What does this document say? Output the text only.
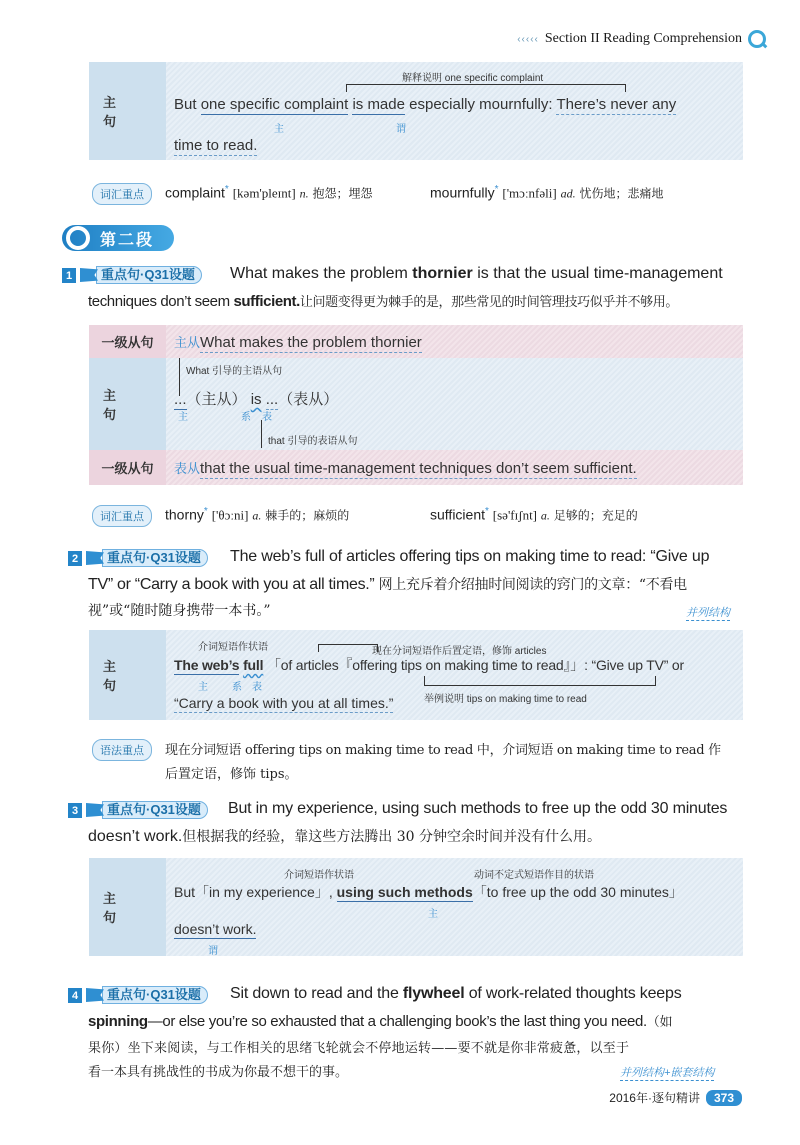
‹‹‹‹‹ Section II Reading Comprehension
主 句
解释说明 one specific complaint
But one specific complaint is made especially mournfully: There’s never any
主	谓
time to read.
词汇重点	complaint* [kəm'pleɪnt] n. 抱怨；埋怨	mournfully* ['mɔːnfəli] ad. 忧伤地；悲痛地
第二段
1	重点句·Q31设题	What makes the problem thornier is that the usual time-management
techniques don’t seem sufficient.让问题变得更为棘手的是，那些常见的时间管理技巧似乎并不够用。
一级从句	主从What makes the problem thornier
主 句
What 引导的主语从句
...（主从） is ...（表从）
主	系 表
that 引导的表语从句
一级从句	表从that the usual time-management techniques don’t seem sufficient.
词汇重点	thorny* ['θɔːni] a. 棘手的；麻烦的	sufficient* [sə'fɪʃnt] a. 足够的；充足的
2	重点句·Q31设题	The web’s full of articles offering tips on making time to read: “Give up
TV” or “Carry a book with you at all times.” 网上充斥着介绍抽时间阅读的窍门的文章：“不看电
视”或“随时随身携带一本书。”	并列结构
主 句
介词短语作状语	现在分词短语作后置定语，修饰 articles
The web’s full 「of articles『offering tips on making time to read』」: “Give up TV” or
主 系 表
“Carry a book with you at all times.”	举例说明 tips on making time to read
语法重点	现在分词短语 offering tips on making time to read 中，介词短语 on making time to read 作
后置定语，修饰 tips。
3	重点句·Q31设题	But in my experience, using such methods to free up the odd 30 minutes
doesn’t work.但根据我的经验，靠这些方法腾出 30 分钟空余时间并没有什么用。
主 句
介词短语作状语	动词不定式短语作目的状语
But「in my experience」, using such methods「to free up the odd 30 minutes」
主
doesn’t work.
谓
4	重点句·Q31设题	Sit down to read and the flywheel of work-related thoughts keeps
spinning—or else you’re so exhausted that a challenging book’s the last thing you need.（如
果你）坐下来阅读，与工作相关的思绪飞轮就会不停地运转——要不就是你非常疲惫，以至于
看一本具有挑战性的书成为你最不想干的事。	并列结构+嵌套结构
2016年·逐句精讲	373
